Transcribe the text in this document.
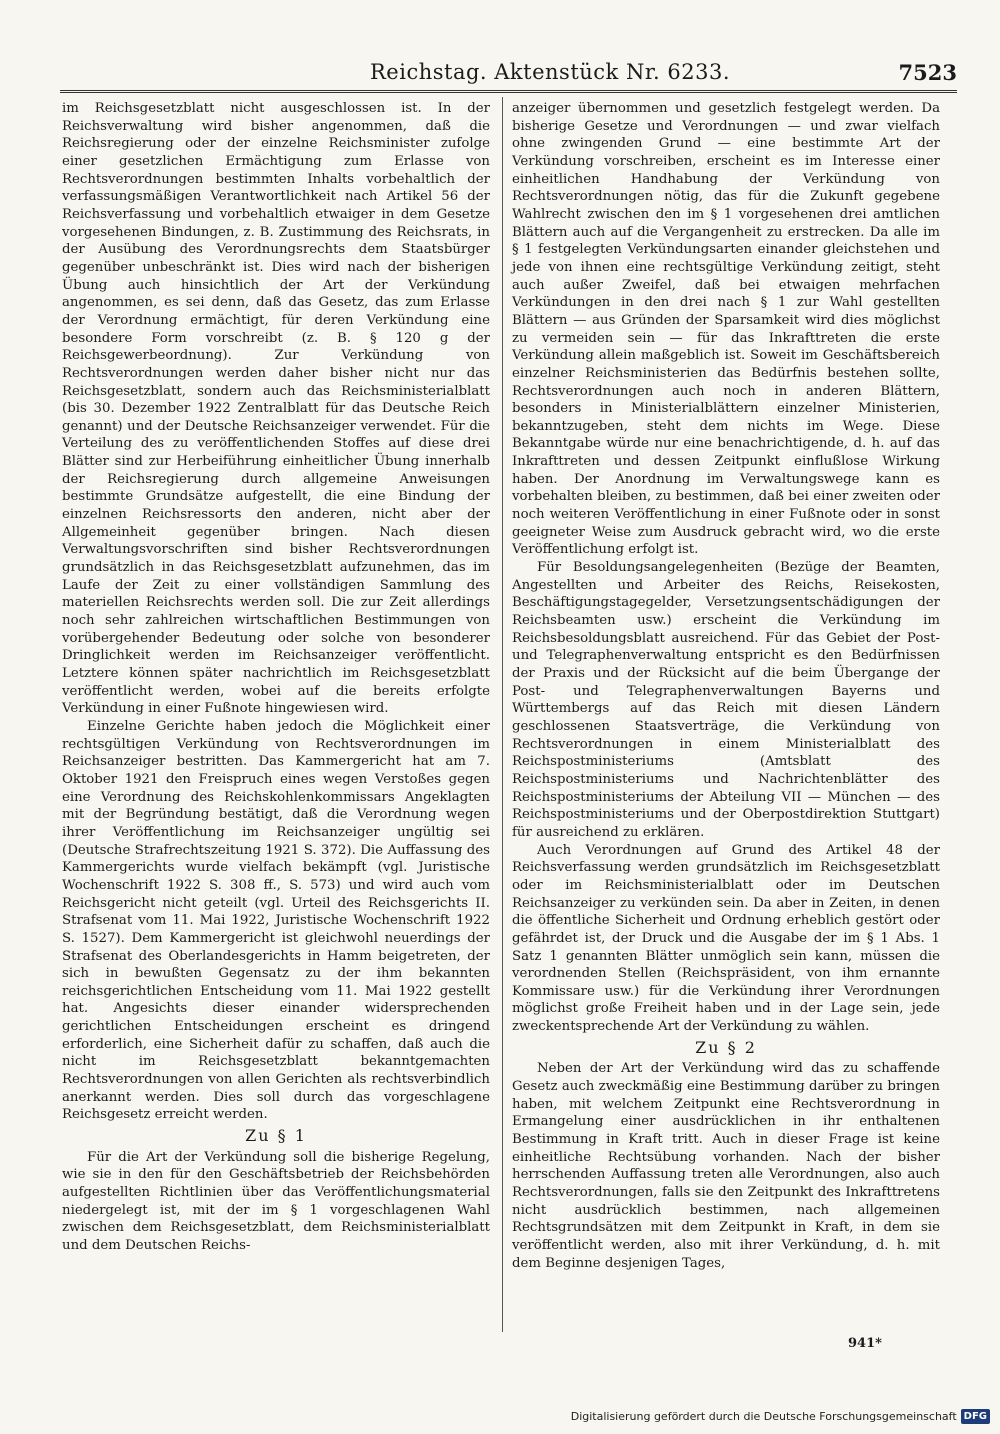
Reichstag. Aktenstück Nr. 6233.	7523

im Reichsgesetzblatt nicht ausgeschlossen ist. In der Reichsverwaltung wird bisher angenommen, daß die Reichsregierung oder der einzelne Reichsminister zufolge einer gesetzlichen Ermächtigung zum Erlasse von Rechtsverordnungen bestimmten Inhalts vorbehaltlich der verfassungsmäßigen Verantwortlichkeit nach Artikel 56 der Reichsverfassung und vorbehaltlich etwaiger in dem Gesetze vorgesehenen Bindungen, z. B. Zustimmung des Reichsrats, in der Ausübung des Verordnungsrechts dem Staatsbürger gegenüber unbeschränkt ist. Dies wird nach der bisherigen Übung auch hinsichtlich der Art der Verkündung angenommen, es sei denn, daß das Gesetz, das zum Erlasse der Verordnung ermächtigt, für deren Verkündung eine besondere Form vorschreibt (z. B. § 120 g der Reichsgewerbeordnung). Zur Verkündung von Rechtsverordnungen werden daher bisher nicht nur das Reichsgesetzblatt, sondern auch das Reichsministerialblatt (bis 30. Dezember 1922 Zentralblatt für das Deutsche Reich genannt) und der Deutsche Reichsanzeiger verwendet. Für die Verteilung des zu veröffentlichenden Stoffes auf diese drei Blätter sind zur Herbeiführung einheitlicher Übung innerhalb der Reichsregierung durch allgemeine Anweisungen bestimmte Grundsätze aufgestellt, die eine Bindung der einzelnen Reichsressorts den anderen, nicht aber der Allgemeinheit gegenüber bringen. Nach diesen Verwaltungsvorschriften sind bisher Rechtsverordnungen grundsätzlich in das Reichsgesetzblatt aufzunehmen, das im Laufe der Zeit zu einer vollständigen Sammlung des materiellen Reichsrechts werden soll. Die zur Zeit allerdings noch sehr zahlreichen wirtschaftlichen Bestimmungen von vorübergehender Bedeutung oder solche von besonderer Dringlichkeit werden im Reichsanzeiger veröffentlicht. Letztere können später nachrichtlich im Reichsgesetzblatt veröffentlicht werden, wobei auf die bereits erfolgte Verkündung in einer Fußnote hingewiesen wird.

Einzelne Gerichte haben jedoch die Möglichkeit einer rechtsgültigen Verkündung von Rechtsverordnungen im Reichsanzeiger bestritten. Das Kammergericht hat am 7. Oktober 1921 den Freispruch eines wegen Verstoßes gegen eine Verordnung des Reichskohlenkommissars Angeklagten mit der Begründung bestätigt, daß die Verordnung wegen ihrer Veröffentlichung im Reichsanzeiger ungültig sei (Deutsche Strafrechtszeitung 1921 S. 372). Die Auffassung des Kammergerichts wurde vielfach bekämpft (vgl. Juristische Wochenschrift 1922 S. 308 ff., S. 573) und wird auch vom Reichsgericht nicht geteilt (vgl. Urteil des Reichsgerichts II. Strafsenat vom 11. Mai 1922, Juristische Wochenschrift 1922 S. 1527). Dem Kammergericht ist gleichwohl neuerdings der Strafsenat des Oberlandesgerichts in Hamm beigetreten, der sich in bewußten Gegensatz zu der ihm bekannten reichsgerichtlichen Entscheidung vom 11. Mai 1922 gestellt hat. Angesichts dieser einander widersprechenden gerichtlichen Entscheidungen erscheint es dringend erforderlich, eine Sicherheit dafür zu schaffen, daß auch die nicht im Reichsgesetzblatt bekanntgemachten Rechtsverordnungen von allen Gerichten als rechtsverbindlich anerkannt werden. Dies soll durch das vorgeschlagene Reichsgesetz erreicht werden.

Zu § 1

Für die Art der Verkündung soll die bisherige Regelung, wie sie in den für den Geschäftsbetrieb der Reichsbehörden aufgestellten Richtlinien über das Veröffentlichungsmaterial niedergelegt ist, mit der im § 1 vorgeschlagenen Wahl zwischen dem Reichsgesetzblatt, dem Reichsministerialblatt und dem Deutschen Reichs-

anzeiger übernommen und gesetzlich festgelegt werden. Da bisherige Gesetze und Verordnungen — und zwar vielfach ohne zwingenden Grund — eine bestimmte Art der Verkündung vorschreiben, erscheint es im Interesse einer einheitlichen Handhabung der Verkündung von Rechtsverordnungen nötig, das für die Zukunft gegebene Wahlrecht zwischen den im § 1 vorgesehenen drei amtlichen Blättern auch auf die Vergangenheit zu erstrecken. Da alle im § 1 festgelegten Verkündungsarten einander gleichstehen und jede von ihnen eine rechtsgültige Verkündung zeitigt, steht auch außer Zweifel, daß bei etwaigen mehrfachen Verkündungen in den drei nach § 1 zur Wahl gestellten Blättern — aus Gründen der Sparsamkeit wird dies möglichst zu vermeiden sein — für das Inkrafttreten die erste Verkündung allein maßgeblich ist. Soweit im Geschäftsbereich einzelner Reichsministerien das Bedürfnis bestehen sollte, Rechtsverordnungen auch noch in anderen Blättern, besonders in Ministerialblättern einzelner Ministerien, bekanntzugeben, steht dem nichts im Wege. Diese Bekanntgabe würde nur eine benachrichtigende, d. h. auf das Inkrafttreten und dessen Zeitpunkt einflußlose Wirkung haben. Der Anordnung im Verwaltungswege kann es vorbehalten bleiben, zu bestimmen, daß bei einer zweiten oder noch weiteren Veröffentlichung in einer Fußnote oder in sonst geeigneter Weise zum Ausdruck gebracht wird, wo die erste Veröffentlichung erfolgt ist.

Für Besoldungsangelegenheiten (Bezüge der Beamten, Angestellten und Arbeiter des Reichs, Reisekosten, Beschäftigungstagegelder, Versetzungsentschädigungen der Reichsbeamten usw.) erscheint die Verkündung im Reichsbesoldungsblatt ausreichend. Für das Gebiet der Post- und Telegraphenverwaltung entspricht es den Bedürfnissen der Praxis und der Rücksicht auf die beim Übergange der Post- und Telegraphenverwaltungen Bayerns und Württembergs auf das Reich mit diesen Ländern geschlossenen Staatsverträge, die Verkündung von Rechtsverordnungen in einem Ministerialblatt des Reichspostministeriums (Amtsblatt des Reichspostministeriums und Nachrichtenblätter des Reichspostministeriums der Abteilung VII — München — des Reichspostministeriums und der Oberpostdirektion Stuttgart) für ausreichend zu erklären.

Auch Verordnungen auf Grund des Artikel 48 der Reichsverfassung werden grundsätzlich im Reichsgesetzblatt oder im Reichsministerialblatt oder im Deutschen Reichsanzeiger zu verkünden sein. Da aber in Zeiten, in denen die öffentliche Sicherheit und Ordnung erheblich gestört oder gefährdet ist, der Druck und die Ausgabe der im § 1 Abs. 1 Satz 1 genannten Blätter unmöglich sein kann, müssen die verordnenden Stellen (Reichspräsident, von ihm ernannte Kommissare usw.) für die Verkündung ihrer Verordnungen möglichst große Freiheit haben und in der Lage sein, jede zweckentsprechende Art der Verkündung zu wählen.

Zu § 2

Neben der Art der Verkündung wird das zu schaffende Gesetz auch zweckmäßig eine Bestimmung darüber zu bringen haben, mit welchem Zeitpunkt eine Rechtsverordnung in Ermangelung einer ausdrücklichen in ihr enthaltenen Bestimmung in Kraft tritt. Auch in dieser Frage ist keine einheitliche Rechtsübung vorhanden. Nach der bisher herrschenden Auffassung treten alle Verordnungen, also auch Rechtsverordnungen, falls sie den Zeitpunkt des Inkrafttretens nicht ausdrücklich bestimmen, nach allgemeinen Rechtsgrundsätzen mit dem Zeitpunkt in Kraft, in dem sie veröffentlicht werden, also mit ihrer Verkündung, d. h. mit dem Beginne desjenigen Tages,

941*
Digitalisierung gefördert durch die Deutsche Forschungsgemeinschaft DFG
